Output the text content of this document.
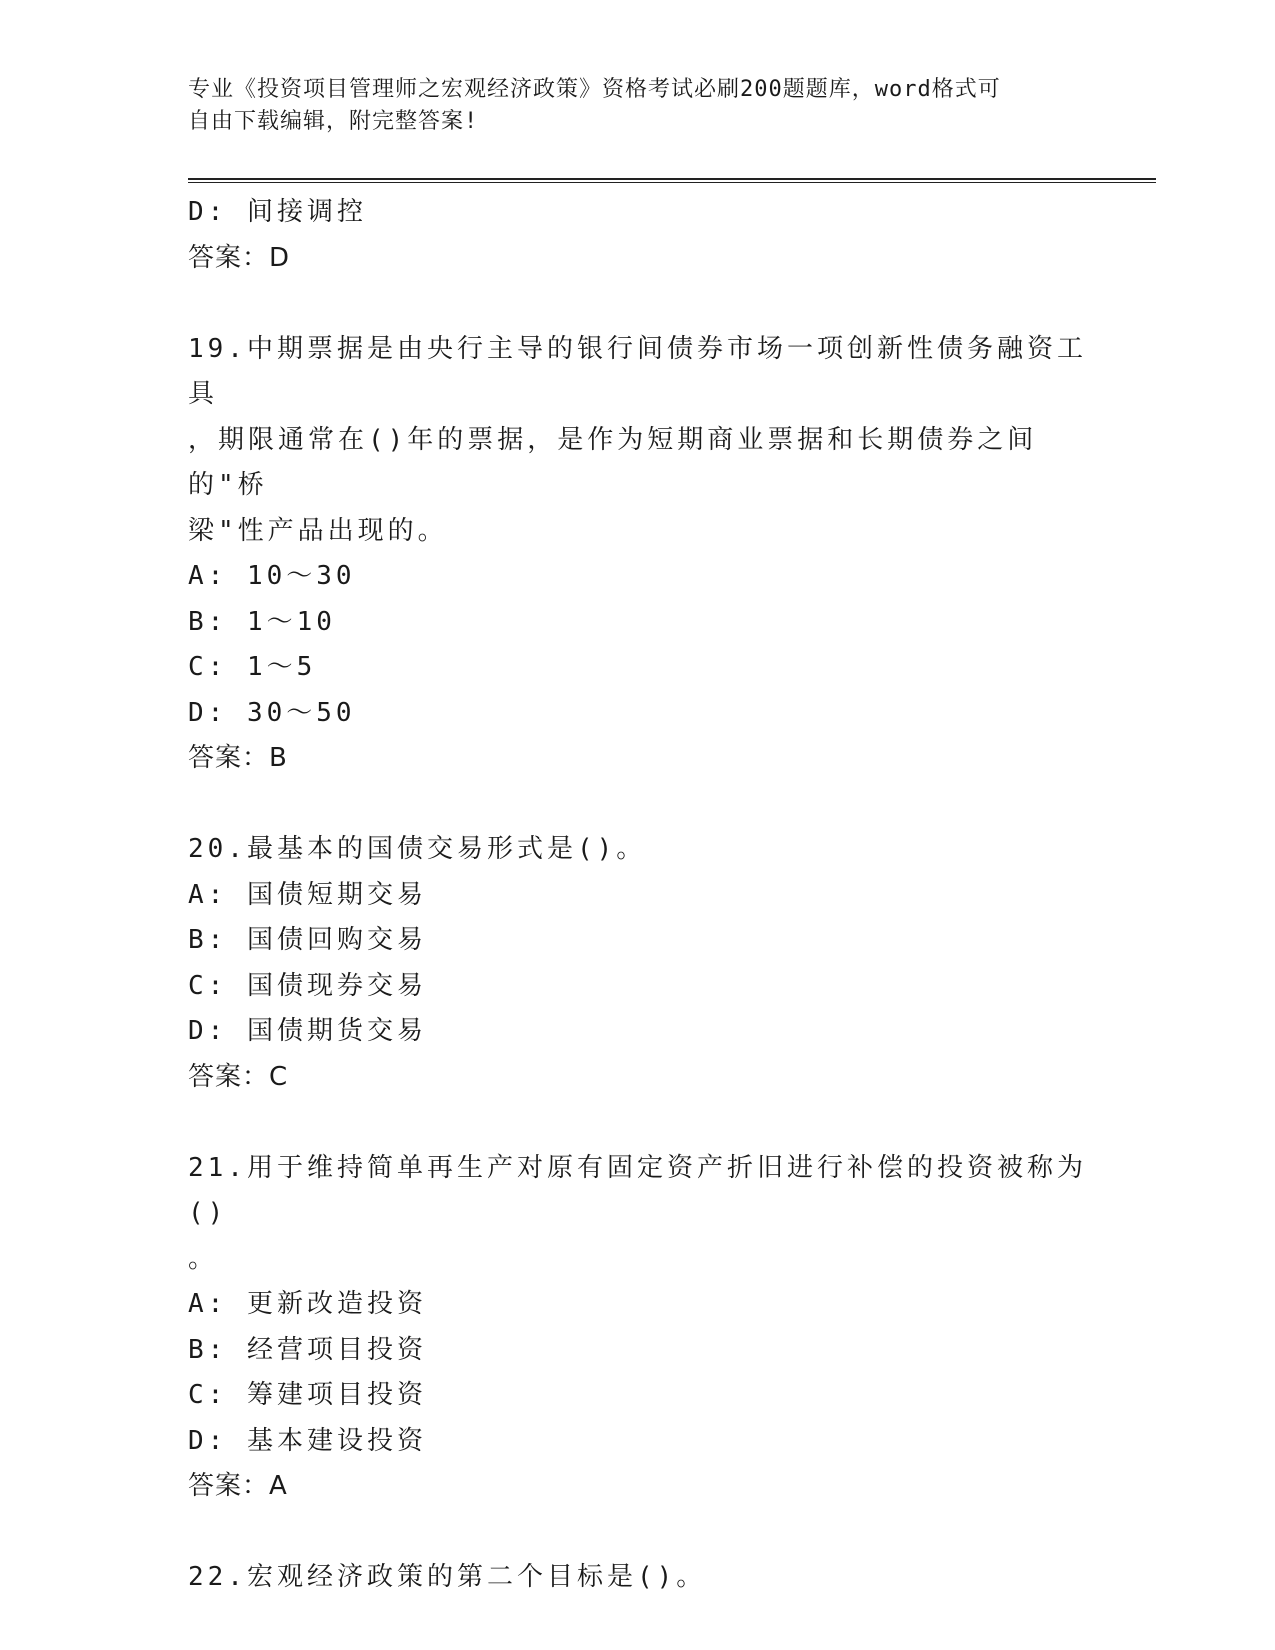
专业《投资项目管理师之宏观经济政策》资格考试必刷200题题库，word格式可
自由下载编辑，附完整答案!
D: 间接调控
答案：D
19.中期票据是由央行主导的银行间债券市场一项创新性债务融资工具
，期限通常在()年的票据，是作为短期商业票据和长期债券之间的"桥
梁"性产品出现的。
A: 10～30
B: 1～10
C: 1～5
D: 30～50
答案：B
20.最基本的国债交易形式是()。
A: 国债短期交易
B: 国债回购交易
C: 国债现券交易
D: 国债期货交易
答案：C
21.用于维持简单再生产对原有固定资产折旧进行补偿的投资被称为()
。
A: 更新改造投资
B: 经营项目投资
C: 筹建项目投资
D: 基本建设投资
答案：A
22.宏观经济政策的第二个目标是()。
